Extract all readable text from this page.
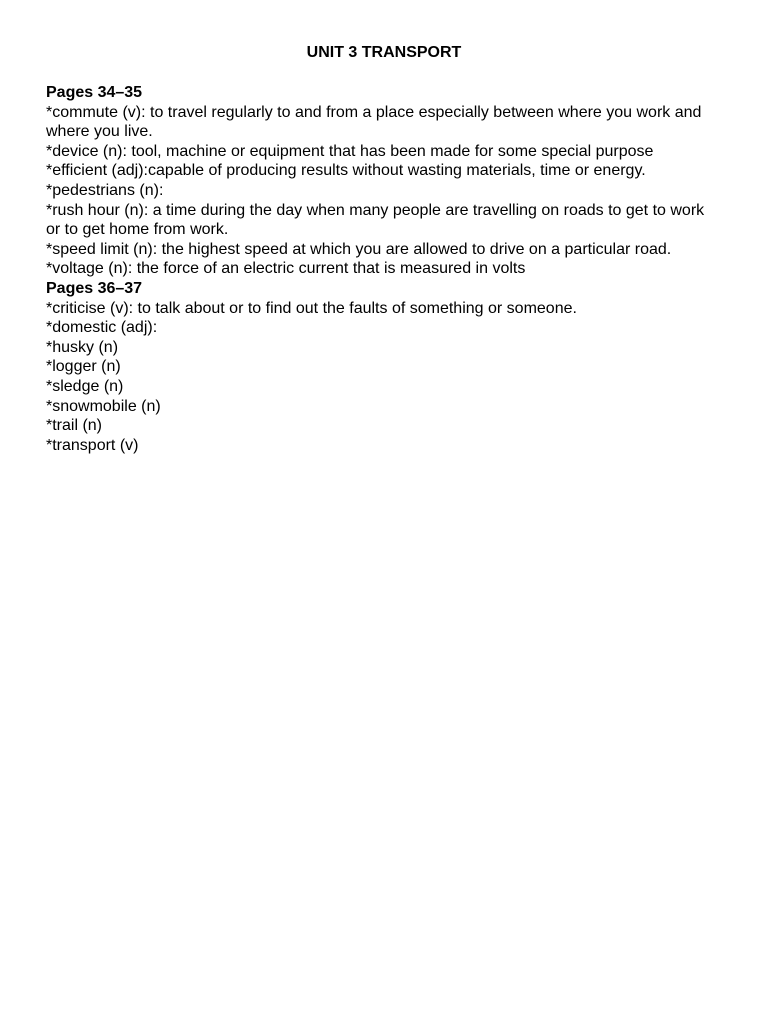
UNIT 3 TRANSPORT

Pages 34–35

*commute (v): to travel regularly to and from a place especially between where you work and where you live.

*device (n): tool, machine or equipment that has been made for some special purpose

*efficient (adj):capable of producing results without wasting materials, time or energy.

*pedestrians (n):

*rush hour (n): a time during the day when many people are travelling on roads to get to work or to get home from work.

*speed limit (n): the highest speed at which you are allowed to drive on a particular road.

*voltage (n): the force of an electric current that is measured in volts

Pages 36–37

*criticise (v): to talk about or to find out the faults of something or someone.

*domestic (adj):

*husky (n)

*logger (n)

*sledge (n)

*snowmobile (n)

*trail (n)

*transport (v)
